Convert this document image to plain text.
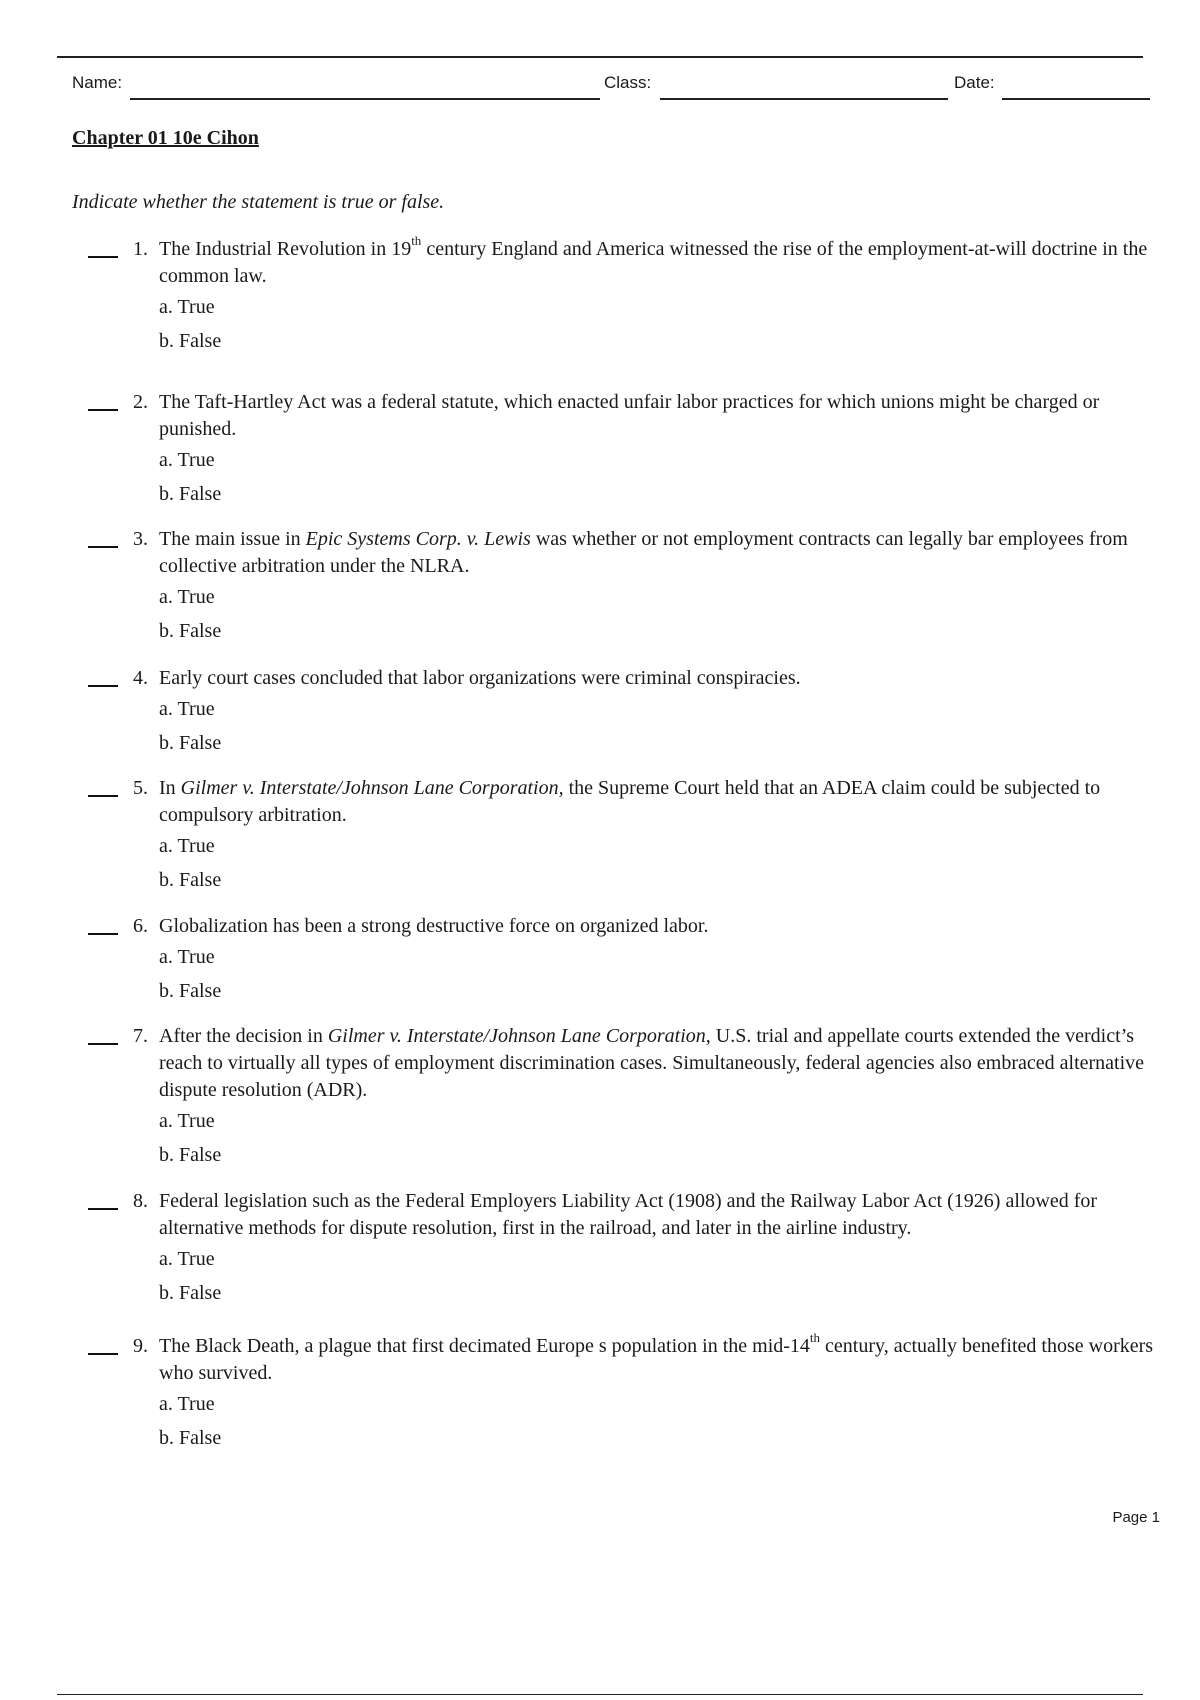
Name:	Class:	Date:
Chapter 01 10e Cihon
Indicate whether the statement is true or false.
1. The Industrial Revolution in 19th century England and America witnessed the rise of the employment-at-will doctrine in the common law.
a. True
b. False
2. The Taft-Hartley Act was a federal statute, which enacted unfair labor practices for which unions might be charged or punished.
a. True
b. False
3. The main issue in Epic Systems Corp. v. Lewis was whether or not employment contracts can legally bar employees from collective arbitration under the NLRA.
a. True
b. False
4. Early court cases concluded that labor organizations were criminal conspiracies.
a. True
b. False
5. In Gilmer v. Interstate/Johnson Lane Corporation, the Supreme Court held that an ADEA claim could be subjected to compulsory arbitration.
a. True
b. False
6. Globalization has been a strong destructive force on organized labor.
a. True
b. False
7. After the decision in Gilmer v. Interstate/Johnson Lane Corporation, U.S. trial and appellate courts extended the verdict’s reach to virtually all types of employment discrimination cases. Simultaneously, federal agencies also embraced alternative dispute resolution (ADR).
a. True
b. False
8. Federal legislation such as the Federal Employers Liability Act (1908) and the Railway Labor Act (1926) allowed for alternative methods for dispute resolution, first in the railroad, and later in the airline industry.
a. True
b. False
9. The Black Death, a plague that first decimated Europe s population in the mid-14th century, actually benefited those workers who survived.
a. True
b. False
Page 1
